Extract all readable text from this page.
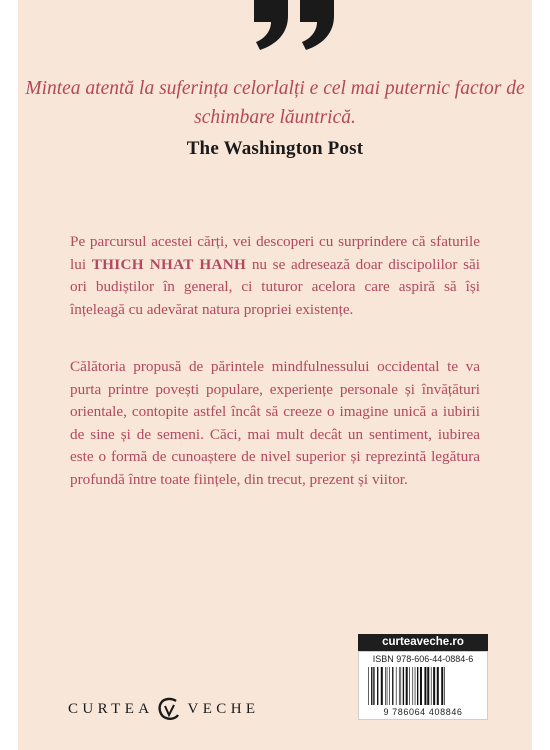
Mintea atentă la suferința celorlalți e cel mai puternic factor de schimbare lăuntrică.
The Washington Post

Pe parcursul acestei cărți, vei descoperi cu surprindere că sfaturile lui THICH NHAT HANH nu se adresează doar discipolilor săi ori budiștilor în general, ci tuturor acelora care aspiră să își înțeleagă cu adevărat natura propriei existențe.

Călătoria propusă de părintele mindfulnessului occidental te va purta printre povești populare, experiențe personale și învățături orientale, contopite astfel încât să creeze o imagine unică a iubirii de sine și de semeni. Căci, mai mult decât un sentiment, iubirea este o formă de cunoaștere de nivel superior și reprezintă legătura profundă între toate ființele, din trecut, prezent și viitor.

CURTEA VECHE
curteaveche.ro
ISBN 978-606-44-0884-6
9 786064 408846
